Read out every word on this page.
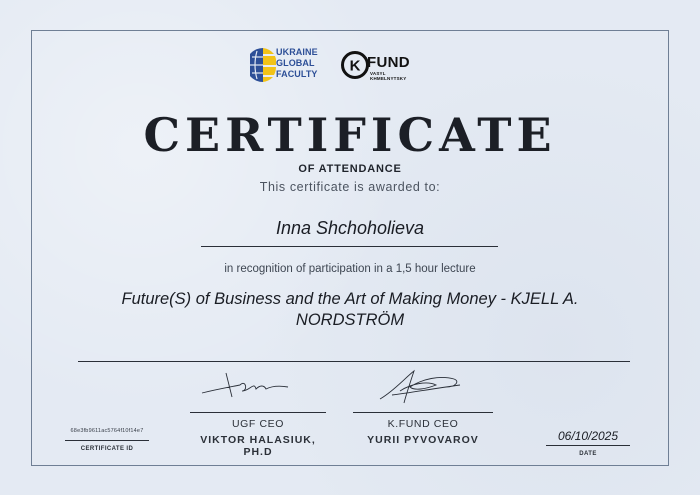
UKRAINE
GLOBAL
FACULTY K FUND
VASYL
KHMELNYTSKY
CERTIFICATE
OF ATTENDANCE
This certificate is awarded to:
Inna Shchoholieva
in recognition of participation in a 1,5 hour lecture
Future(S) of Business and the Art of Making Money - KJELL A. NORDSTRÖM
UGF CEO
VIKTOR HALASIUK, PH.D
K.FUND CEO
YURII PYVOVAROV
68e3fb9611ac5764f10f14e7
CERTIFICATE ID
06/10/2025
DATE
